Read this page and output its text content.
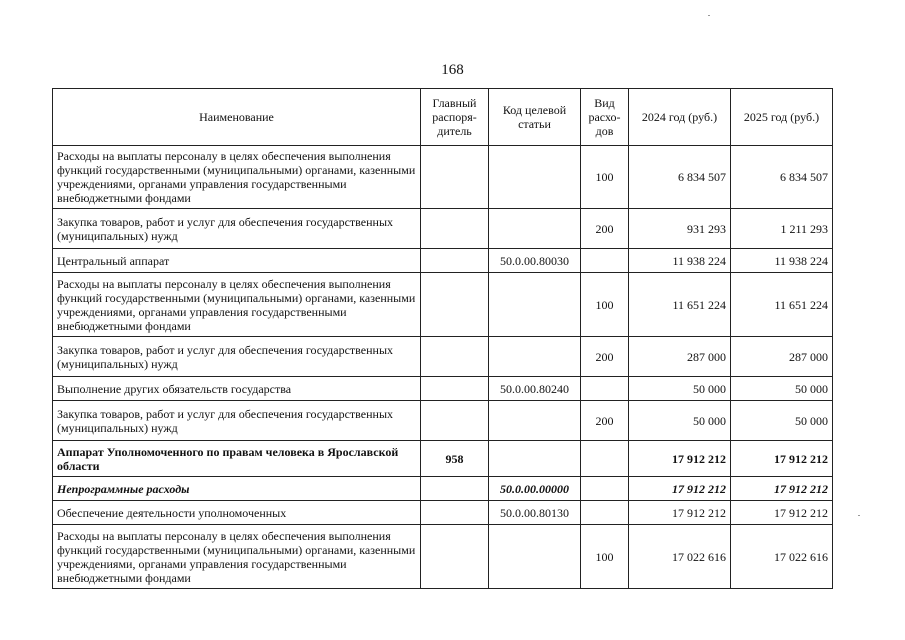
168
Наименование	Главный распоря-дитель	Код целевой статьи	Вид расхо-дов	2024 год (руб.)	2025 год (руб.)
Расходы на выплаты персоналу в целях обеспечения выполнения функций государственными (муниципальными) органами, казенными учреждениями, органами управления государственными внебюджетными фондами			100	6 834 507	6 834 507
Закупка товаров, работ и услуг для обеспечения государственных (муниципальных) нужд			200	931 293	1 211 293
Центральный аппарат		50.0.00.80030		11 938 224	11 938 224
Расходы на выплаты персоналу в целях обеспечения выполнения функций государственными (муниципальными) органами, казенными учреждениями, органами управления государственными внебюджетными фондами			100	11 651 224	11 651 224
Закупка товаров, работ и услуг для обеспечения государственных (муниципальных) нужд			200	287 000	287 000
Выполнение других обязательств государства		50.0.00.80240		50 000	50 000
Закупка товаров, работ и услуг для обеспечения государственных (муниципальных) нужд			200	50 000	50 000
Аппарат Уполномоченного по правам человека в Ярославской области	958			17 912 212	17 912 212
Непрограммные расходы		50.0.00.00000		17 912 212	17 912 212
Обеспечение деятельности уполномоченных		50.0.00.80130		17 912 212	17 912 212
Расходы на выплаты персоналу в целях обеспечения выполнения функций государственными (муниципальными) органами, казенными учреждениями, органами управления государственными внебюджетными фондами			100	17 022 616	17 022 616
